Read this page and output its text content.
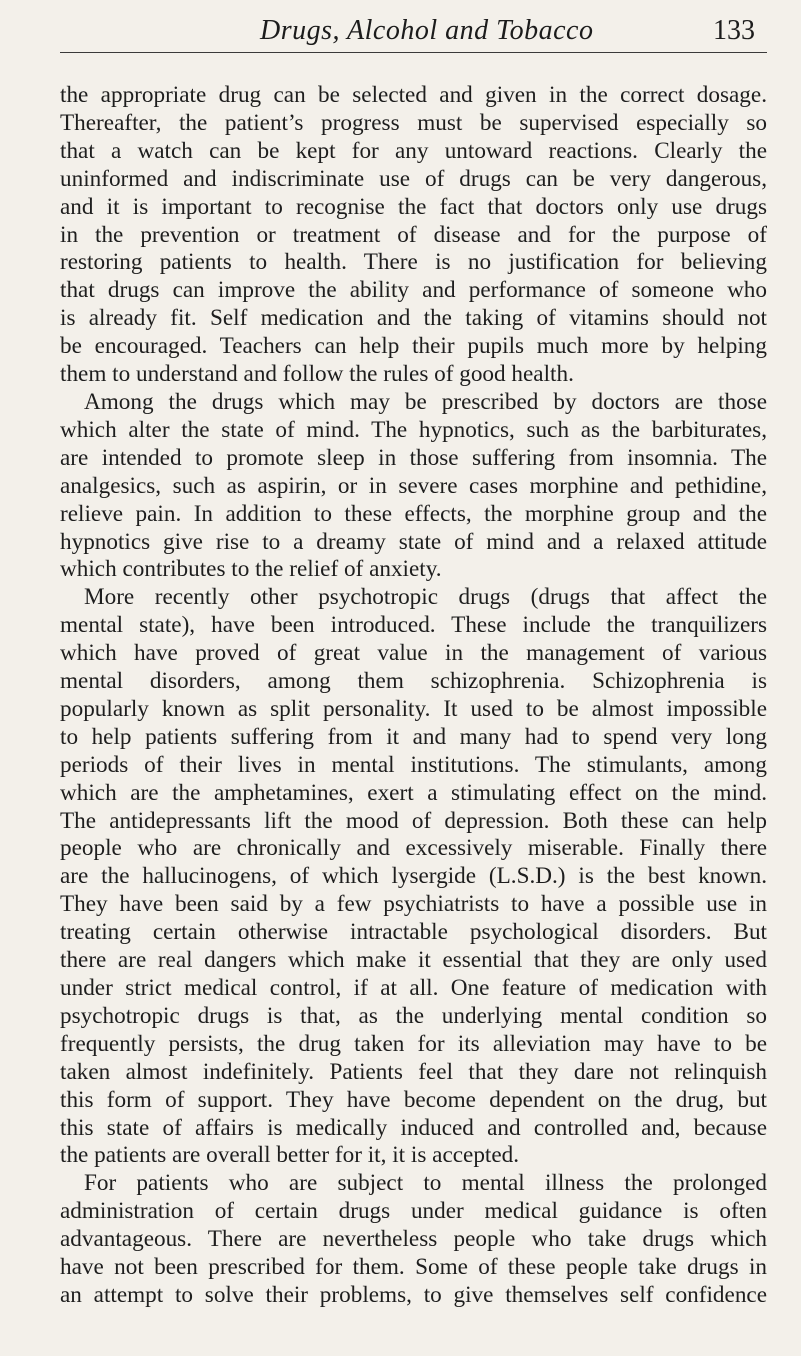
Drugs, Alcohol and Tobacco	133
the appropriate drug can be selected and given in the correct dosage.
Thereafter, the patient’s progress must be supervised especially so
that a watch can be kept for any untoward reactions. Clearly the
uninformed and indiscriminate use of drugs can be very dangerous,
and it is important to recognise the fact that doctors only use drugs
in the prevention or treatment of disease and for the purpose of
restoring patients to health. There is no justification for believing
that drugs can improve the ability and performance of someone who
is already fit. Self medication and the taking of vitamins should not
be encouraged. Teachers can help their pupils much more by helping
them to understand and follow the rules of good health.
Among the drugs which may be prescribed by doctors are those
which alter the state of mind. The hypnotics, such as the barbiturates,
are intended to promote sleep in those suffering from insomnia. The
analgesics, such as aspirin, or in severe cases morphine and pethidine,
relieve pain. In addition to these effects, the morphine group and the
hypnotics give rise to a dreamy state of mind and a relaxed attitude
which contributes to the relief of anxiety.
More recently other psychotropic drugs (drugs that affect the
mental state), have been introduced. These include the tranquilizers
which have proved of great value in the management of various
mental disorders, among them schizophrenia. Schizophrenia is
popularly known as split personality. It used to be almost impossible
to help patients suffering from it and many had to spend very long
periods of their lives in mental institutions. The stimulants, among
which are the amphetamines, exert a stimulating effect on the mind.
The antidepressants lift the mood of depression. Both these can help
people who are chronically and excessively miserable. Finally there
are the hallucinogens, of which lysergide (L.S.D.) is the best known.
They have been said by a few psychiatrists to have a possible use in
treating certain otherwise intractable psychological disorders. But
there are real dangers which make it essential that they are only used
under strict medical control, if at all. One feature of medication with
psychotropic drugs is that, as the underlying mental condition so
frequently persists, the drug taken for its alleviation may have to be
taken almost indefinitely. Patients feel that they dare not relinquish
this form of support. They have become dependent on the drug, but
this state of affairs is medically induced and controlled and, because
the patients are overall better for it, it is accepted.
For patients who are subject to mental illness the prolonged
administration of certain drugs under medical guidance is often
advantageous. There are nevertheless people who take drugs which
have not been prescribed for them. Some of these people take drugs in
an attempt to solve their problems, to give themselves self confidence
